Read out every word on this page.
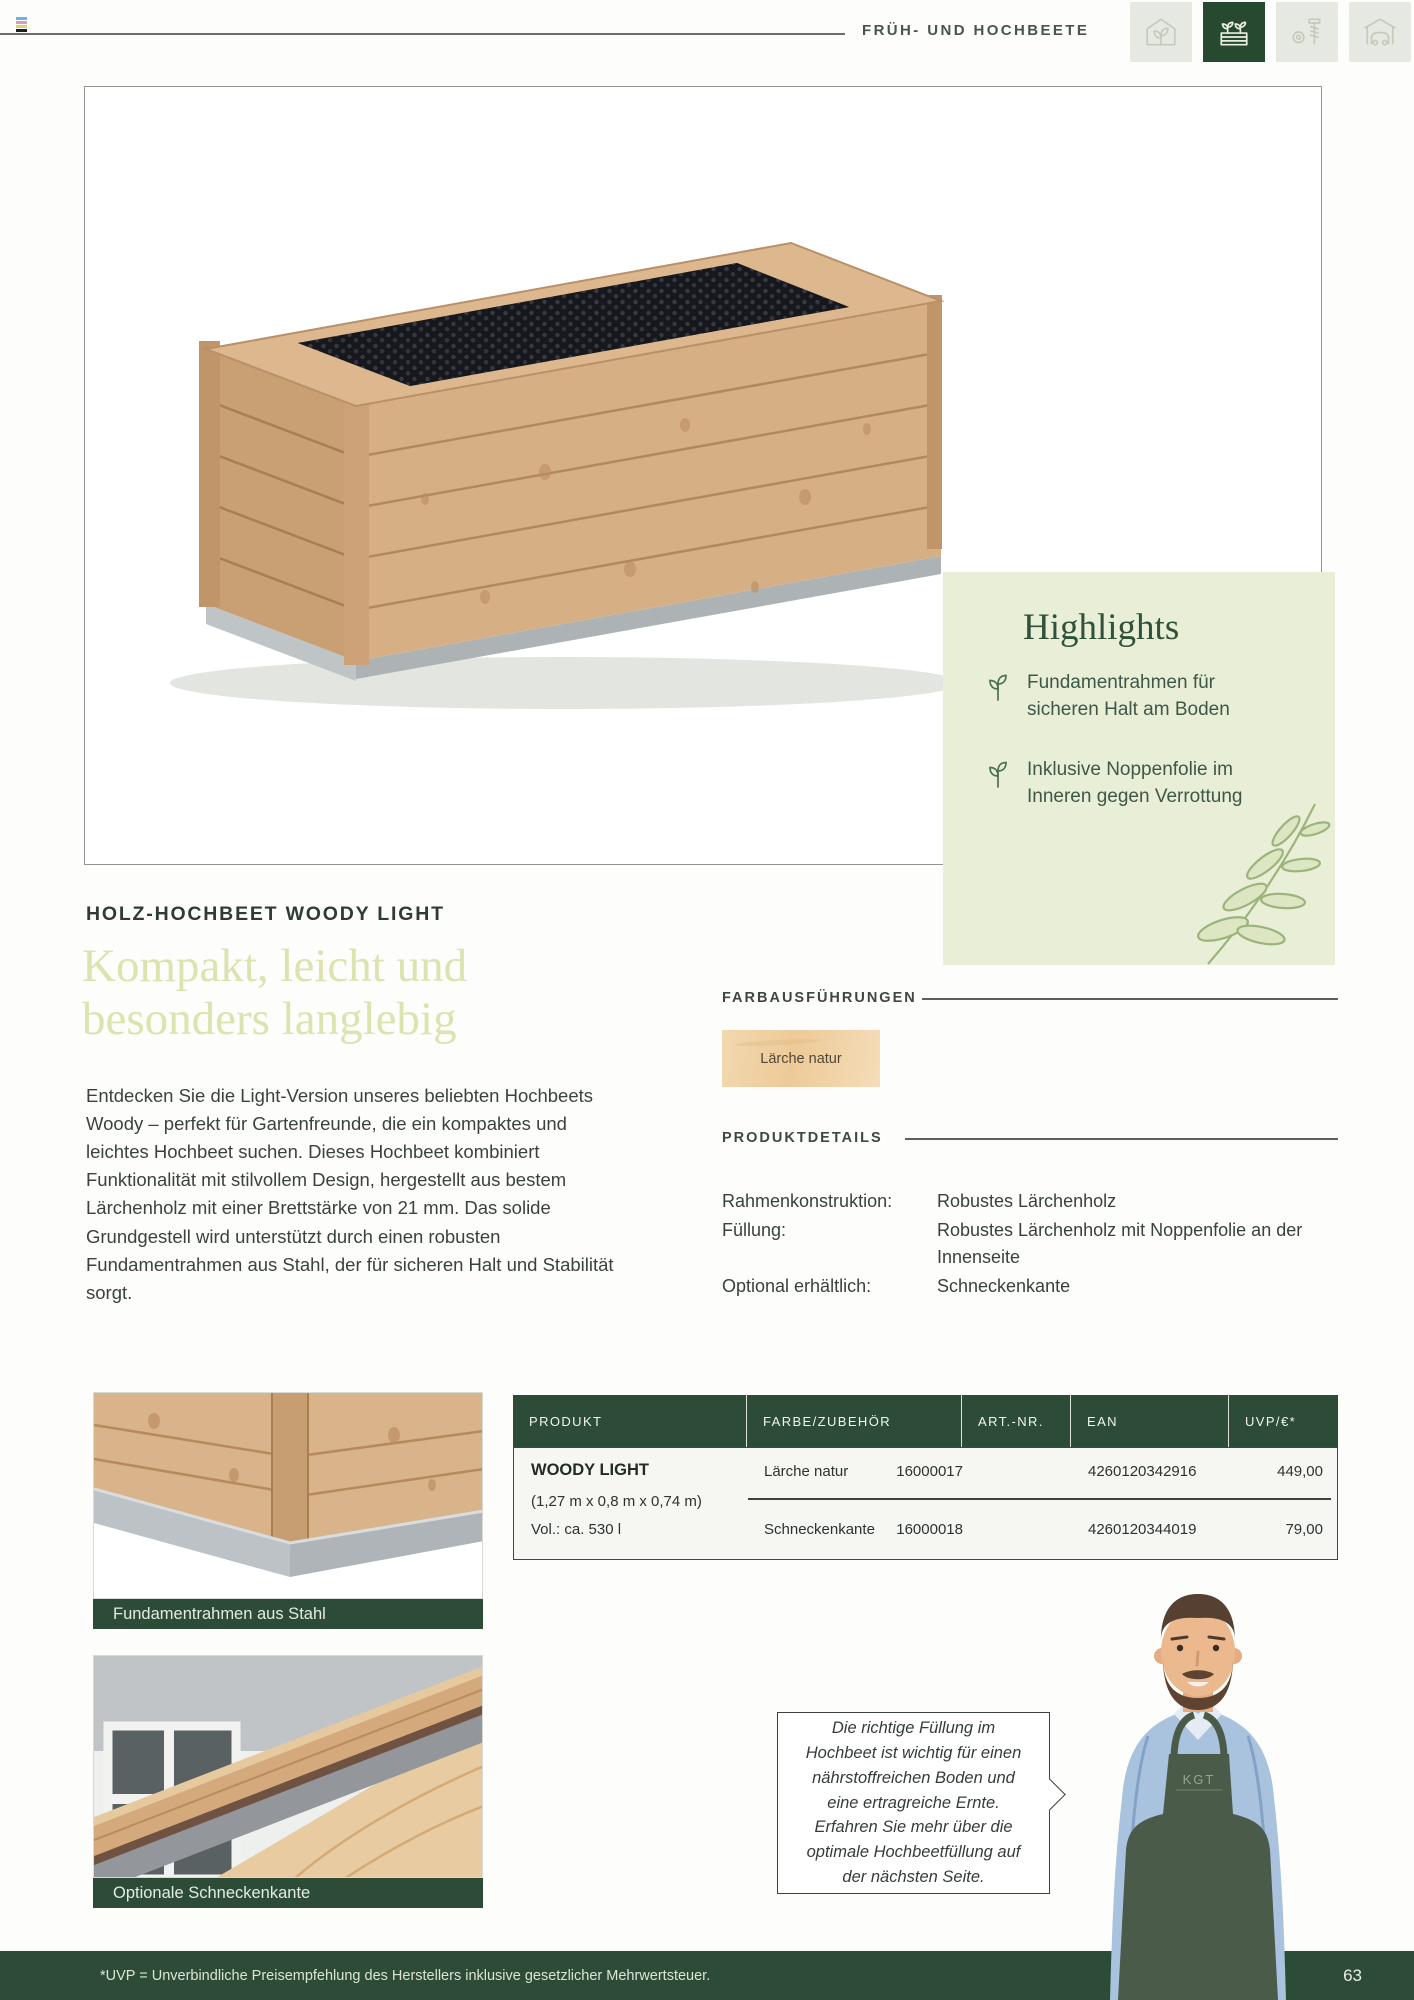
FRÜH- UND HOCHBEETE
Highlights
Fundamentrahmen für sicheren Halt am Boden
Inklusive Noppenfolie im Inneren gegen Verrottung
HOLZ-HOCHBEET WOODY LIGHT
Kompakt, leicht und besonders langlebig

Entdecken Sie die Light-Version unseres beliebten Hochbeets Woody – perfekt für Gartenfreunde, die ein kompaktes und leichtes Hochbeet suchen. Dieses Hochbeet kombiniert Funktionalität mit stilvollem Design, hergestellt aus bestem Lärchenholz mit einer Brettstärke von 21 mm. Das solide Grundgestell wird unterstützt durch einen robusten Fundamentrahmen aus Stahl, der für sicheren Halt und Stabilität sorgt.

FARBAUSFÜHRUNGEN
Lärche natur
PRODUKTDETAILS
Rahmenkonstruktion:	Robustes Lärchenholz
Füllung:	Robustes Lärchenholz mit Noppenfolie an der Innenseite
Optional erhältlich:	Schneckenkante
PRODUKT	FARBE/ZUBEHÖR	ART.-NR.	EAN	UVP/€*
WOODY LIGHT
(1,27 m x 0,8 m x 0,74 m)
Vol.: ca. 530 l
Lärche natur	16000017	4260120342916	449,00
Schneckenkante	16000018	4260120344019	79,00
Fundamentrahmen aus Stahl
Optionale Schneckenkante
Die richtige Füllung im Hochbeet ist wichtig für einen nährstoffreichen Boden und eine ertragreiche Ernte. Erfahren Sie mehr über die optimale Hochbeetfüllung auf der nächsten Seite.
*UVP = Unverbindliche Preisempfehlung des Herstellers inklusive gesetzlicher Mehrwertsteuer.	63
KGT
